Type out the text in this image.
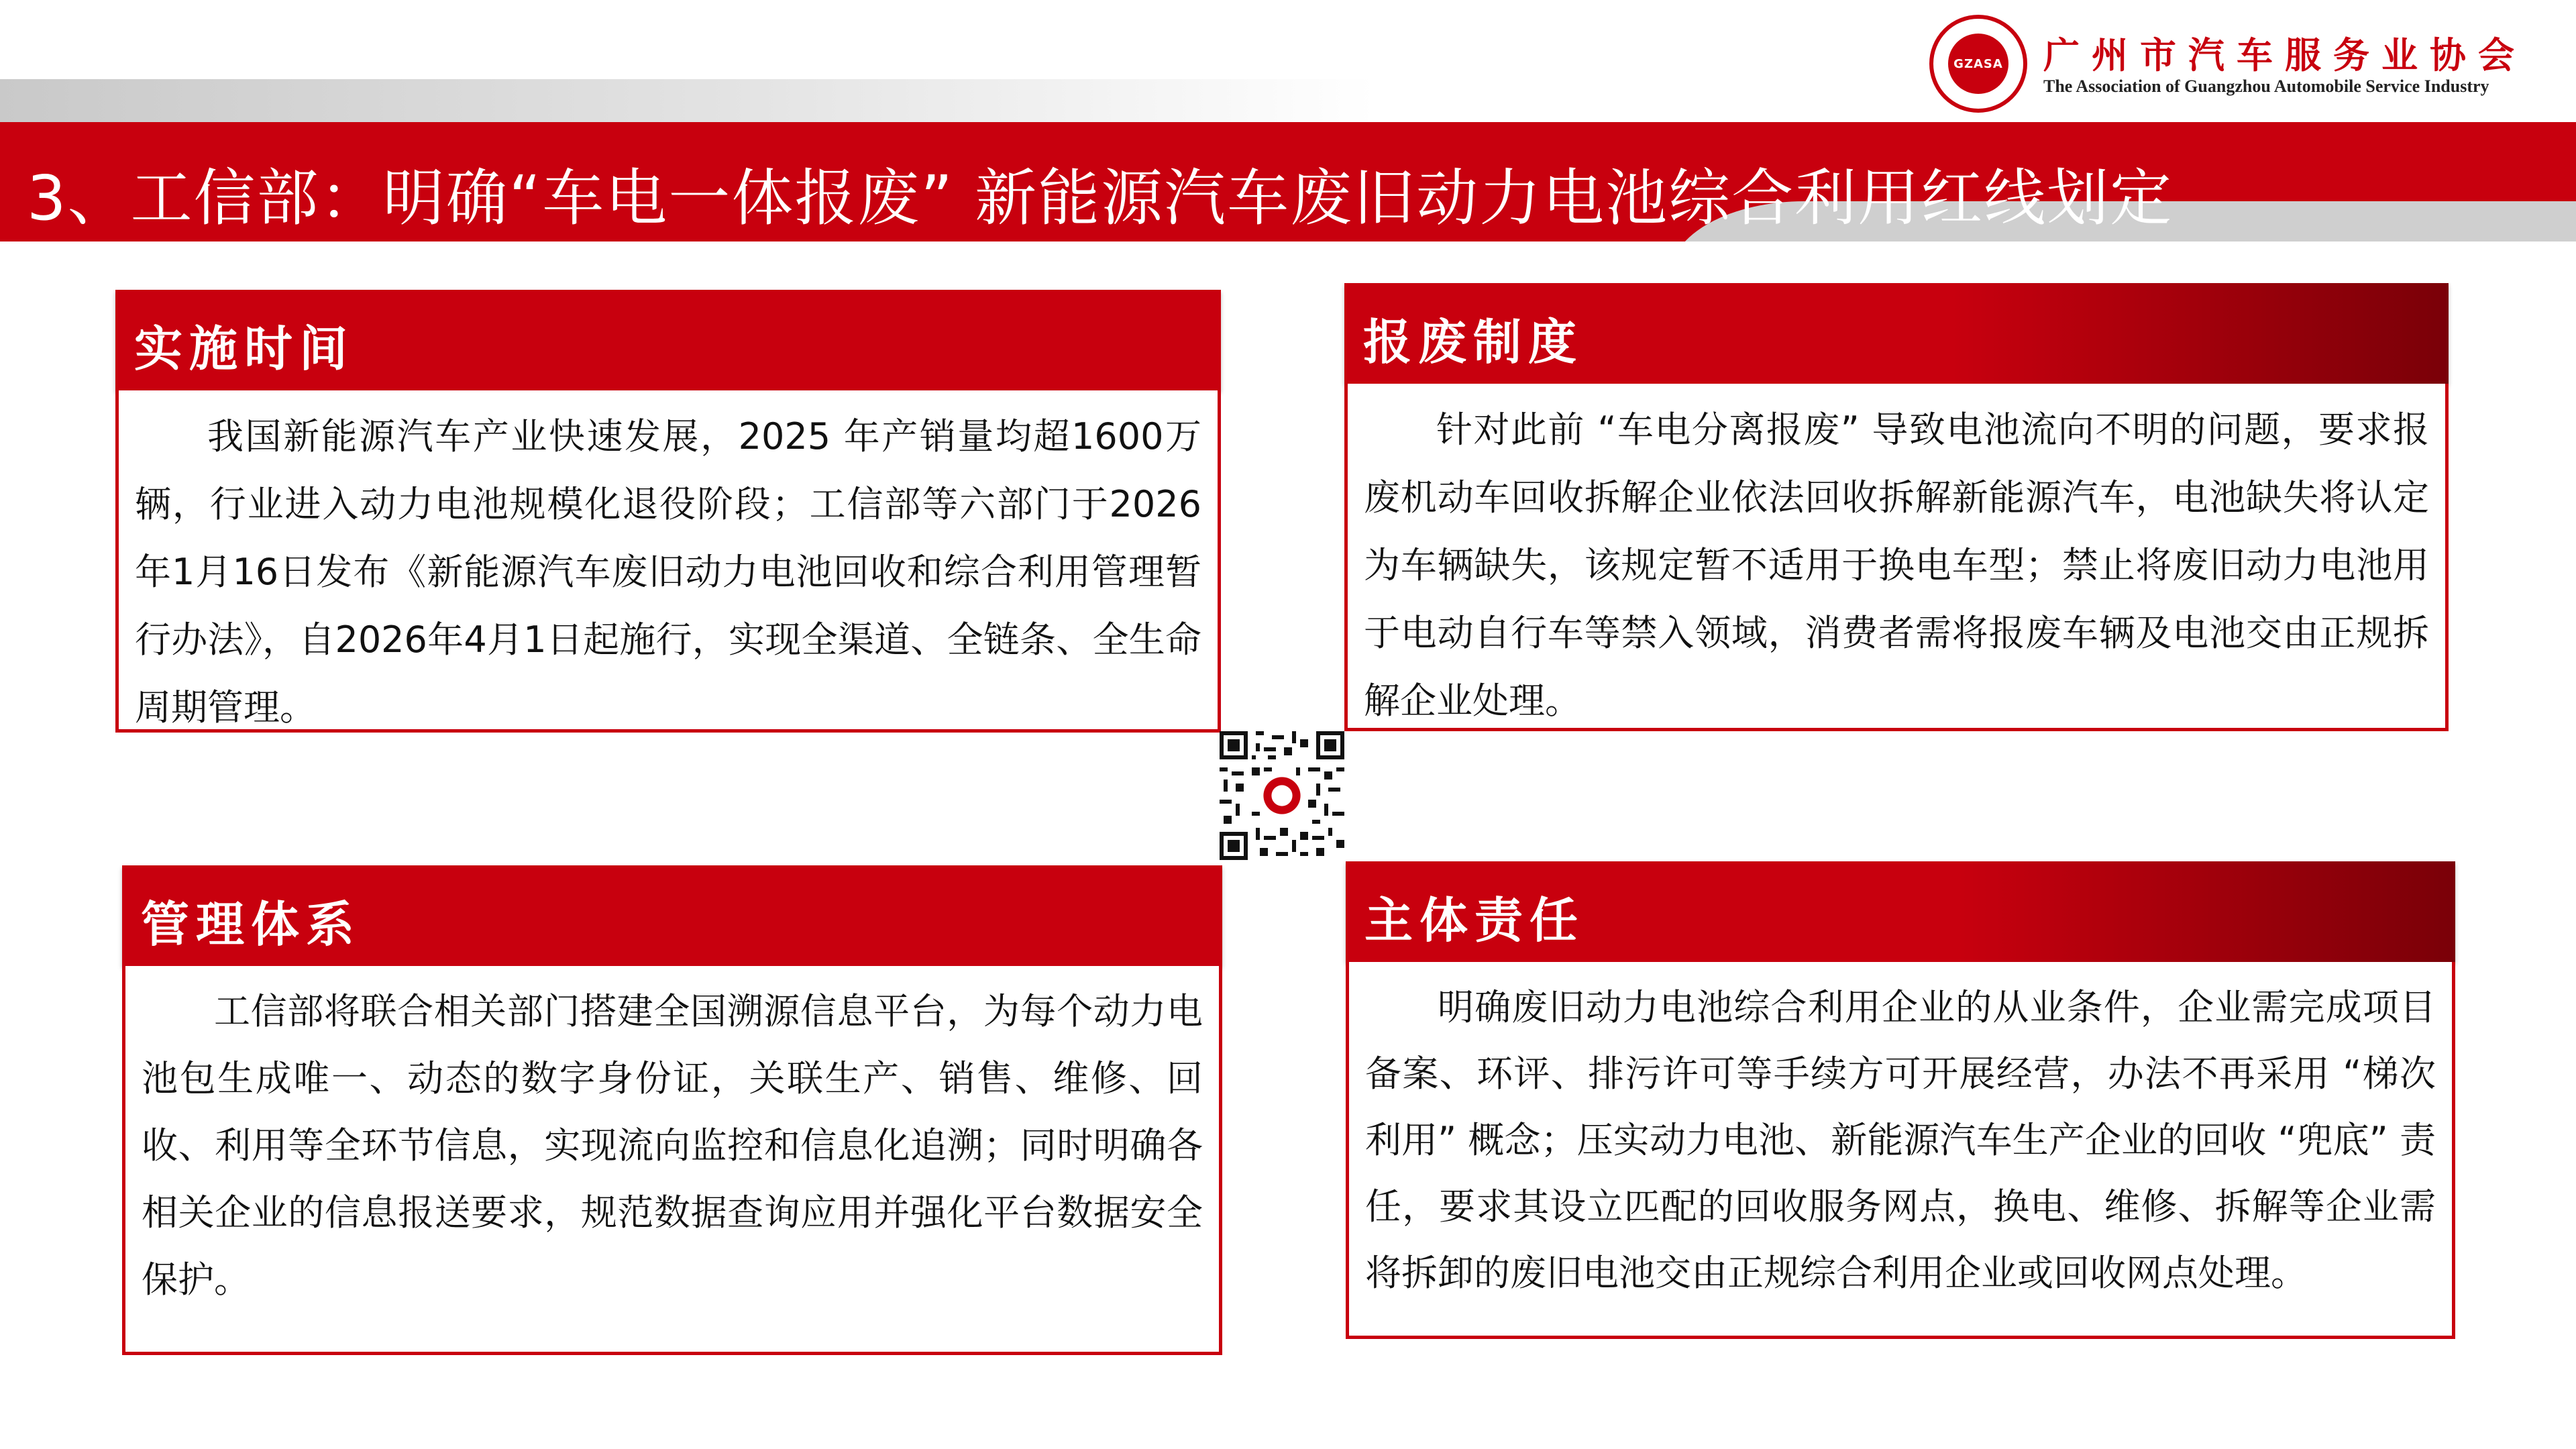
3、工信部：明确“车电一体报废” 新能源汽车废旧动力电池综合利用红线划定
GZASA 广州市汽车服务业协会
The Association of Guangzhou Automobile Service Industry
实施时间

我国新能源汽车产业快速发展，2025 年产销量均超1600万辆，行业进入动力电池规模化退役阶段；工信部等六部门于2026年1月16日发布《新能源汽车废旧动力电池回收和综合利用管理暂行办法》，自2026年4月1日起施行，实现全渠道、全链条、全生命周期管理。

报废制度

针对此前 “车电分离报废” 导致电池流向不明的问题，要求报废机动车回收拆解企业依法回收拆解新能源汽车，电池缺失将认定为车辆缺失，该规定暂不适用于换电车型；禁止将废旧动力电池用于电动自行车等禁入领域，消费者需将报废车辆及电池交由正规拆解企业处理。

管理体系

工信部将联合相关部门搭建全国溯源信息平台，为每个动力电池包生成唯一、动态的数字身份证，关联生产、销售、维修、回收、利用等全环节信息，实现流向监控和信息化追溯；同时明确各相关企业的信息报送要求，规范数据查询应用并强化平台数据安全保护。

主体责任

明确废旧动力电池综合利用企业的从业条件，企业需完成项目备案、环评、排污许可等手续方可开展经营，办法不再采用 “梯次利用” 概念；压实动力电池、新能源汽车生产企业的回收 “兜底” 责任，要求其设立匹配的回收服务网点，换电、维修、拆解等企业需将拆卸的废旧电池交由正规综合利用企业或回收网点处理。
